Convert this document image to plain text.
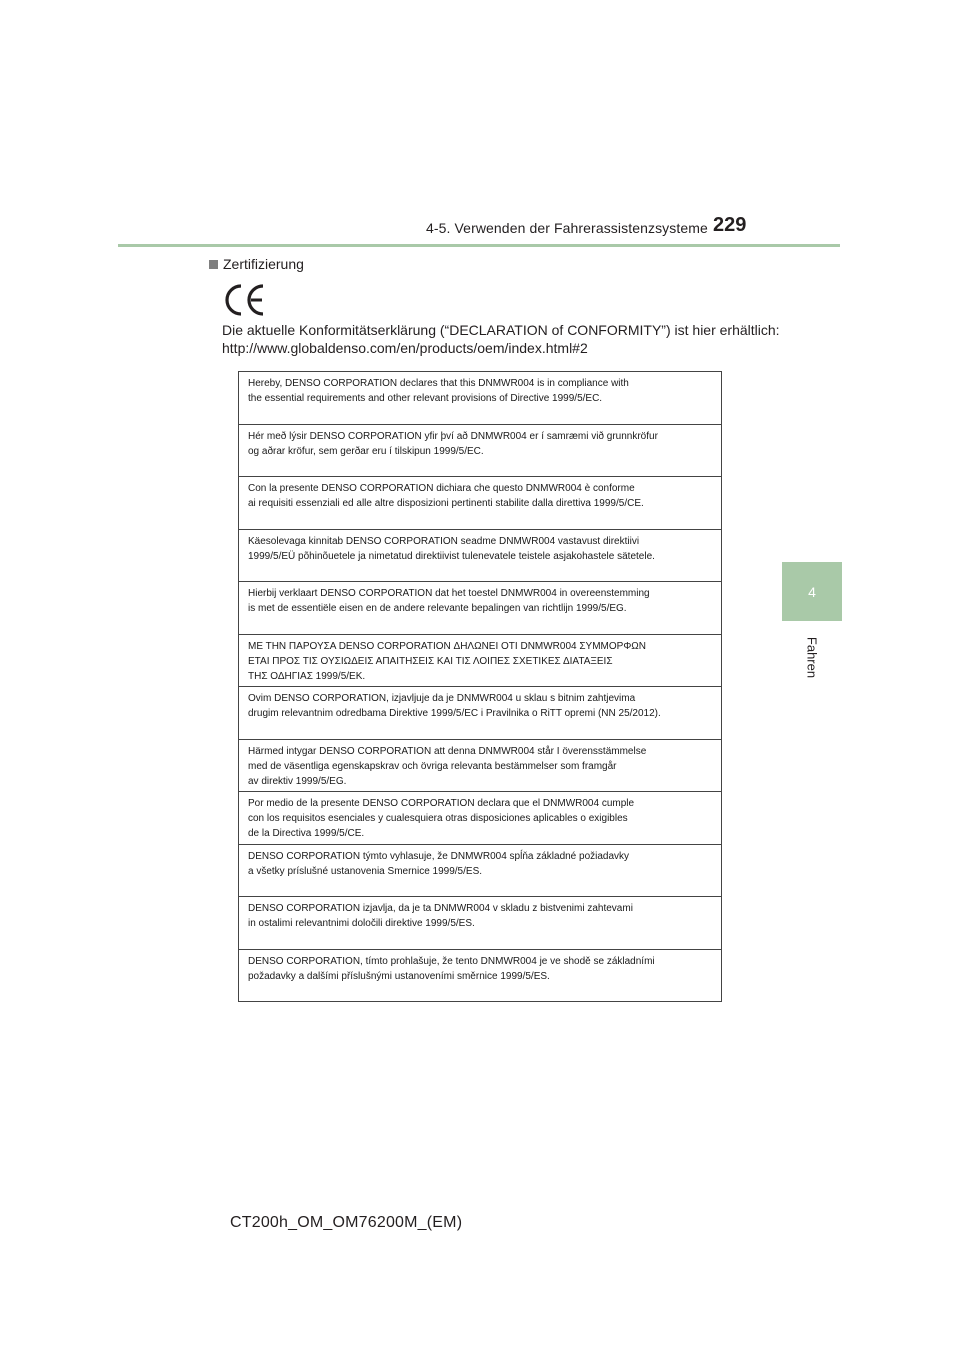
4-5. Verwenden der Fahrerassistenzsysteme 229
4
Fahren
Zertifizierung
Die aktuelle Konformitätserklärung (“DECLARATION of CONFORMITY”) ist hier erhältlich:
http://www.globaldenso.com/en/products/oem/index.html#2
Hereby, DENSO CORPORATION declares that this DNMWR004 is in compliance with
the essential requirements and other relevant provisions of Directive 1999/5/EC.
Hér með lýsir DENSO CORPORATION yfir því að DNMWR004 er í samræmi við grunnkröfur
og aðrar kröfur, sem gerðar eru í tilskipun 1999/5/EC.
Con la presente DENSO CORPORATION dichiara che questo DNMWR004 è conforme
ai requisiti essenziali ed alle altre disposizioni pertinenti stabilite dalla direttiva 1999/5/CE.
Käesolevaga kinnitab DENSO CORPORATION seadme DNMWR004 vastavust direktiivi
1999/5/EÜ põhinõuetele ja nimetatud direktiivist tulenevatele teistele asjakohastele sätetele.
Hierbij verklaart DENSO CORPORATION dat het toestel DNMWR004 in overeenstemming
is met de essentiële eisen en de andere relevante bepalingen van richtlijn 1999/5/EG.
ΜΕ ΤΗΝ ΠΑΡΟΥΣΑ DENSO CORPORATION ΔΗΛΩΝΕΙ ΟΤΙ DNMWR004 ΣΥΜΜΟΡΦΩΝ
ΕΤΑΙ ΠΡΟΣ ΤΙΣ ΟΥΣΙΩΔΕΙΣ ΑΠΑΙΤΗΣΕΙΣ ΚΑΙ ΤΙΣ ΛΟΙΠΕΣ ΣΧΕΤΙΚΕΣ ΔΙΑΤΑΞΕΙΣ
ΤΗΣ ΟΔΗΓΙΑΣ 1999/5/ΕΚ.
Ovim DENSO CORPORATION, izjavljuje da je DNMWR004 u sklau s bitnim zahtjevima
drugim relevantnim odredbama Direktive 1999/5/EC i Pravilnika o RiTT opremi (NN 25/2012).
Härmed intygar DENSO CORPORATION att denna DNMWR004 står I överensstämmelse
med de väsentliga egenskapskrav och övriga relevanta bestämmelser som framgår
av direktiv 1999/5/EG.
Por medio de la presente DENSO CORPORATION declara que el DNMWR004 cumple
con los requisitos esenciales y cualesquiera otras disposiciones aplicables o exigibles
de la Directiva 1999/5/CE.
DENSO CORPORATION týmto vyhlasuje, že DNMWR004 spĺňa základné požiadavky
a všetky príslušné ustanovenia Smernice 1999/5/ES.
DENSO CORPORATION izjavlja, da je ta DNMWR004 v skladu z bistvenimi zahtevami
in ostalimi relevantnimi določili direktive 1999/5/ES.
DENSO CORPORATION, tímto prohlašuje, že tento DNMWR004 je ve shodě se základními
požadavky a dalšími příslušnými ustanoveními směrnice 1999/5/ES.
CT200h_OM_OM76200M_(EM)
